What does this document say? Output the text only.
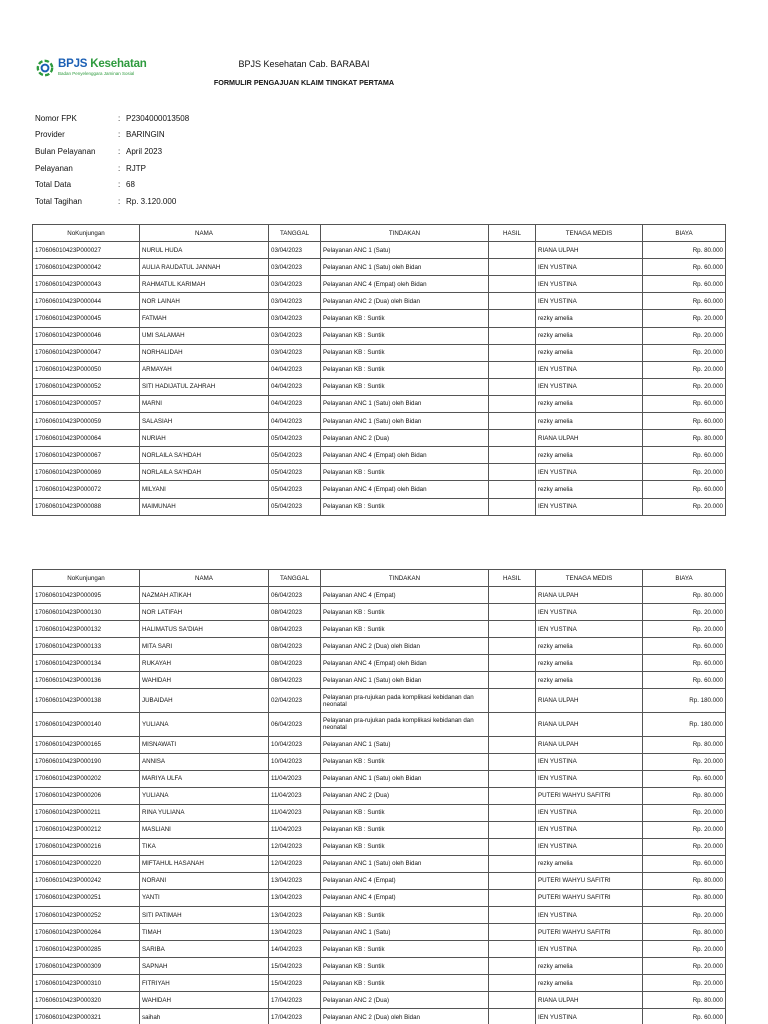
BPJS Kesehatan
Badan Penyelenggara Jaminan Sosial
BPJS Kesehatan Cab. BARABAI
FORMULIR PENGAJUAN KLAIM TINGKAT PERTAMA
Nomor FPK	: P2304000013508
Provider	: BARINGIN
Bulan Pelayanan	: April 2023
Pelayanan	: RJTP
Total Data	: 68
Total Tagihan	: Rp. 3.120.000
NoKunjungan	NAMA	TANGGAL	TINDAKAN	HASIL	TENAGA MEDIS	BIAYA
170606010423P000027	NURUL HUDA	03/04/2023	Pelayanan ANC 1 (Satu)		RIANA ULPAH	Rp. 80.000
170606010423P000042	AULIA RAUDATUL JANNAH	03/04/2023	Pelayanan ANC 1 (Satu) oleh Bidan		IEN YUSTINA	Rp. 60.000
170606010423P000043	RAHMATUL KARIMAH	03/04/2023	Pelayanan ANC 4 (Empat) oleh Bidan		IEN YUSTINA	Rp. 60.000
170606010423P000044	NOR LAINAH	03/04/2023	Pelayanan ANC 2 (Dua) oleh Bidan		IEN YUSTINA	Rp. 60.000
170606010423P000045	FATMAH	03/04/2023	Pelayanan KB : Suntik		rezky amelia	Rp. 20.000
170606010423P000046	UMI SALAMAH	03/04/2023	Pelayanan KB : Suntik		rezky amelia	Rp. 20.000
170606010423P000047	NORHALIDAH	03/04/2023	Pelayanan KB : Suntik		rezky amelia	Rp. 20.000
170606010423P000050	ARMAYAH	04/04/2023	Pelayanan KB : Suntik		IEN YUSTINA	Rp. 20.000
170606010423P000052	SITI HADIJATUL ZAHRAH	04/04/2023	Pelayanan KB : Suntik		IEN YUSTINA	Rp. 20.000
170606010423P000057	MARNI	04/04/2023	Pelayanan ANC 1 (Satu) oleh Bidan		rezky amelia	Rp. 60.000
170606010423P000059	SALASIAH	04/04/2023	Pelayanan ANC 1 (Satu) oleh Bidan		rezky amelia	Rp. 60.000
170606010423P000064	NURIAH	05/04/2023	Pelayanan ANC 2 (Dua)		RIANA ULPAH	Rp. 80.000
170606010423P000067	NORLAILA SA'HDAH	05/04/2023	Pelayanan ANC 4 (Empat) oleh Bidan		rezky amelia	Rp. 60.000
170606010423P000069	NORLAILA SA'HDAH	05/04/2023	Pelayanan KB : Suntik		IEN YUSTINA	Rp. 20.000
170606010423P000072	MILYANI	05/04/2023	Pelayanan ANC 4 (Empat) oleh Bidan		rezky amelia	Rp. 60.000
170606010423P000088	MAIMUNAH	05/04/2023	Pelayanan KB : Suntik		IEN YUSTINA	Rp. 20.000
NoKunjungan	NAMA	TANGGAL	TINDAKAN	HASIL	TENAGA MEDIS	BIAYA
170606010423P000095	NAZMAH ATIKAH	06/04/2023	Pelayanan ANC 4 (Empat)		RIANA ULPAH	Rp. 80.000
170606010423P000130	NOR LATIFAH	08/04/2023	Pelayanan KB : Suntik		IEN YUSTINA	Rp. 20.000
170606010423P000132	HALIMATUS SA'DIAH	08/04/2023	Pelayanan KB : Suntik		IEN YUSTINA	Rp. 20.000
170606010423P000133	MITA SARI	08/04/2023	Pelayanan ANC 2 (Dua) oleh Bidan		rezky amelia	Rp. 60.000
170606010423P000134	RUKAYAH	08/04/2023	Pelayanan ANC 4 (Empat) oleh Bidan		rezky amelia	Rp. 60.000
170606010423P000136	WAHIDAH	08/04/2023	Pelayanan ANC 1 (Satu) oleh Bidan		rezky amelia	Rp. 60.000
170606010423P000138	JUBAIDAH	02/04/2023	Pelayanan pra-rujukan pada komplikasi kebidanan dan neonatal		RIANA ULPAH	Rp. 180.000
170606010423P000140	YULIANA	06/04/2023	Pelayanan pra-rujukan pada komplikasi kebidanan dan neonatal		RIANA ULPAH	Rp. 180.000
170606010423P000165	MISNAWATI	10/04/2023	Pelayanan ANC 1 (Satu)		RIANA ULPAH	Rp. 80.000
170606010423P000190	ANNISA	10/04/2023	Pelayanan KB : Suntik		IEN YUSTINA	Rp. 20.000
170606010423P000202	MARIYA ULFA	11/04/2023	Pelayanan ANC 1 (Satu) oleh Bidan		IEN YUSTINA	Rp. 60.000
170606010423P000206	YULIANA	11/04/2023	Pelayanan ANC 2 (Dua)		PUTERI WAHYU SAFITRI	Rp. 80.000
170606010423P000211	RINA YULIANA	11/04/2023	Pelayanan KB : Suntik		IEN YUSTINA	Rp. 20.000
170606010423P000212	MASLIANI	11/04/2023	Pelayanan KB : Suntik		IEN YUSTINA	Rp. 20.000
170606010423P000216	TIKA	12/04/2023	Pelayanan KB : Suntik		IEN YUSTINA	Rp. 20.000
170606010423P000220	MIFTAHUL HASANAH	12/04/2023	Pelayanan ANC 1 (Satu) oleh Bidan		rezky amelia	Rp. 60.000
170606010423P000242	NORANI	13/04/2023	Pelayanan ANC 4 (Empat)		PUTERI WAHYU SAFITRI	Rp. 80.000
170606010423P000251	YANTI	13/04/2023	Pelayanan ANC 4 (Empat)		PUTERI WAHYU SAFITRI	Rp. 80.000
170606010423P000252	SITI PATIMAH	13/04/2023	Pelayanan KB : Suntik		IEN YUSTINA	Rp. 20.000
170606010423P000264	TIMAH	13/04/2023	Pelayanan ANC 1 (Satu)		PUTERI WAHYU SAFITRI	Rp. 80.000
170606010423P000285	SARIBA	14/04/2023	Pelayanan KB : Suntik		IEN YUSTINA	Rp. 20.000
170606010423P000309	SAPNAH	15/04/2023	Pelayanan KB : Suntik		rezky amelia	Rp. 20.000
170606010423P000310	FITRIYAH	15/04/2023	Pelayanan KB : Suntik		rezky amelia	Rp. 20.000
170606010423P000320	WAHIDAH	17/04/2023	Pelayanan ANC 2 (Dua)		RIANA ULPAH	Rp. 80.000
170606010423P000321	saihah	17/04/2023	Pelayanan ANC 2 (Dua) oleh Bidan		IEN YUSTINA	Rp. 60.000
